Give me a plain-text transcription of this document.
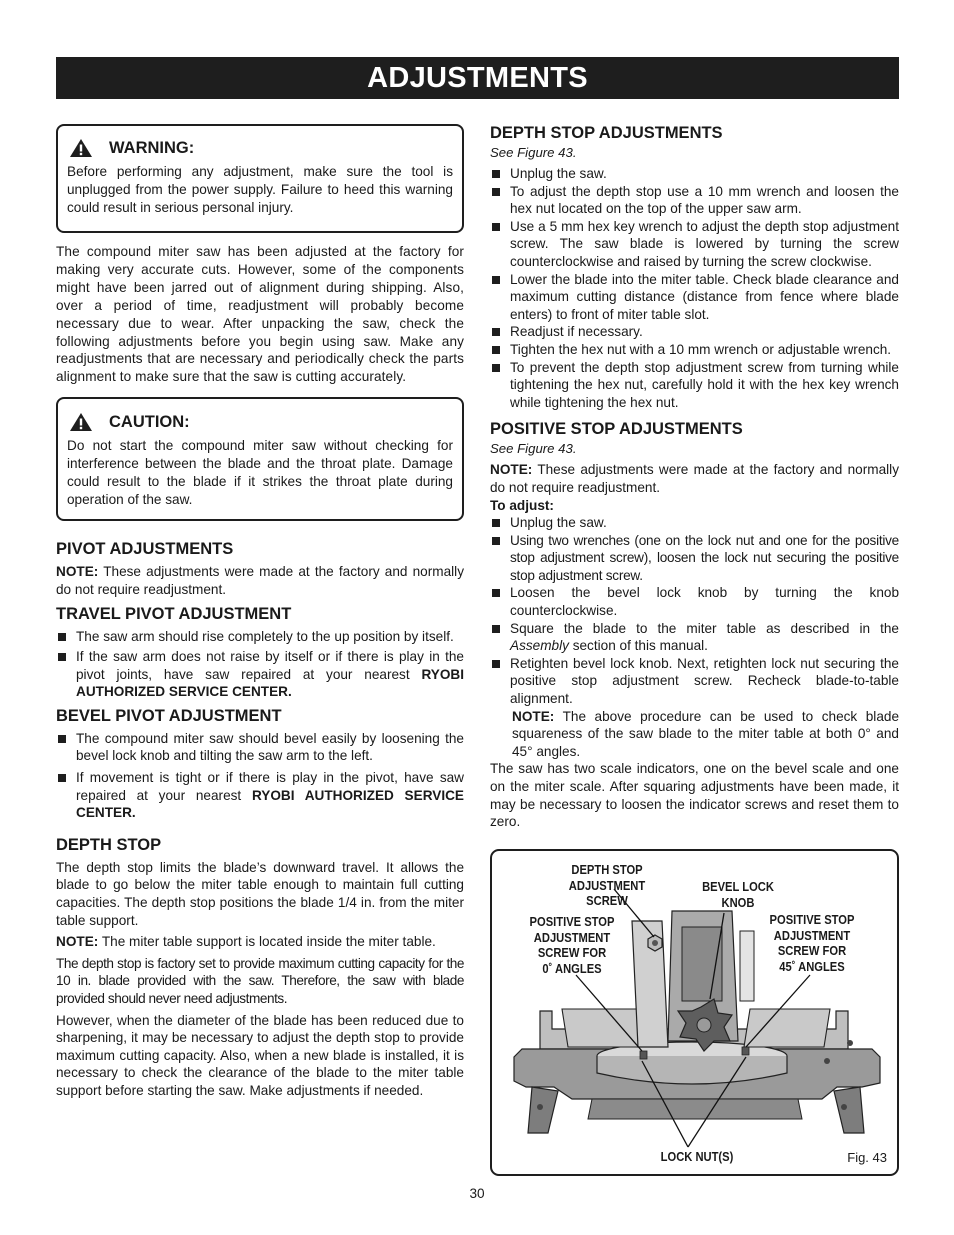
ADJUSTMENTS
WARNING:

Before performing any adjustment, make sure the tool is unplugged from the power supply. Failure to heed this warning could result in serious personal injury.

The compound miter saw has been adjusted at the factory for making very accurate cuts. However, some of the components might have been jarred out of alignment during shipping. Also, over a period of time, readjustment will probably become necessary due to wear. After unpacking the saw, check the following adjustments before you begin using saw. Make any readjustments that are necessary and periodically check the parts alignment to make sure that the saw is cutting accurately.

CAUTION:

Do not start the compound miter saw without checking for interference between the blade and the throat plate. Damage could result to the blade if it strikes the throat plate during operation of the saw.

PIVOT ADJUSTMENTS

NOTE: These adjustments were made at the factory and normally do not require readjustment.

TRAVEL PIVOT ADJUSTMENT
The saw arm should rise completely to the up position by itself.
If the saw arm does not raise by itself or if there is play in the pivot joints, have saw repaired at your nearest RYOBI AUTHORIZED SERVICE CENTER.
BEVEL PIVOT ADJUSTMENT
The compound miter saw should bevel easily by loosening the bevel lock knob and tilting the saw arm to the left.
If movement is tight or if there is play in the pivot, have saw repaired at your nearest RYOBI AUTHORIZED SERVICE CENTER.
DEPTH STOP

The depth stop limits the blade’s downward travel. It allows the blade to go below the miter table enough to maintain full cutting capacities. The depth stop positions the blade 1/4 in. from the miter table support.

NOTE: The miter table support is located inside the miter table.

The depth stop is factory set to provide maximum cutting capacity for the 10 in. blade provided with the saw. Therefore, the saw with blade provided should never need adjustments.

However, when the diameter of the blade has been reduced due to sharpening, it may be necessary to adjust the depth stop to provide maximum cutting capacity. Also, when a new blade is installed, it is necessary to check the clearance of the blade to the miter table support before starting the saw. Make adjustments if needed.

DEPTH STOP ADJUSTMENTS
See Figure 43.
Unplug the saw.
To adjust the depth stop use a 10 mm wrench and loosen the hex nut located on the top of the upper saw arm.
Use a 5 mm hex key wrench to adjust the depth stop adjustment screw. The saw blade is lowered by turning the screw counterclockwise and raised by turning the screw clockwise.
Lower the blade into the miter table. Check blade clearance and maximum cutting distance (distance from fence where blade enters) to front of miter table slot.
Readjust if necessary.
Tighten the hex nut with a 10 mm wrench or adjustable wrench.
To prevent the depth stop adjustment screw from turning while tightening the hex nut, carefully hold it with the hex key wrench while tightening the hex nut.
POSITIVE STOP ADJUSTMENTS
See Figure 43.

NOTE: These adjustments were made at the factory and normally do not require readjustment.

To adjust:

Unplug the saw.
Using two wrenches (one on the lock nut and one for the positive stop adjustment screw), loosen the lock nut securing the positive stop adjustment screw.
Loosen the bevel lock knob by turning the knob counterclockwise.
Square the blade to the miter table as described in the Assembly section of this manual.
Retighten bevel lock knob. Next, retighten lock nut securing the positive stop adjustment screw. Recheck blade-to-table alignment.

NOTE: The above procedure can be used to check blade squareness of the saw blade to the miter table at both 0° and 45° angles.

The saw has two scale indicators, one on the bevel scale and one on the miter scale. After squaring adjustments have been made, it may be necessary to loosen the indicator screws and reset them to zero.

DEPTH STOP ADJUSTMENT
SCREW
BEVEL LOCK
KNOB
POSITIVE STOP
ADJUSTMENT
SCREW FOR
0˚ ANGLES
POSITIVE STOP
ADJUSTMENT
SCREW FOR
45˚ ANGLES
LOCK NUT(S)	Fig. 43
30
